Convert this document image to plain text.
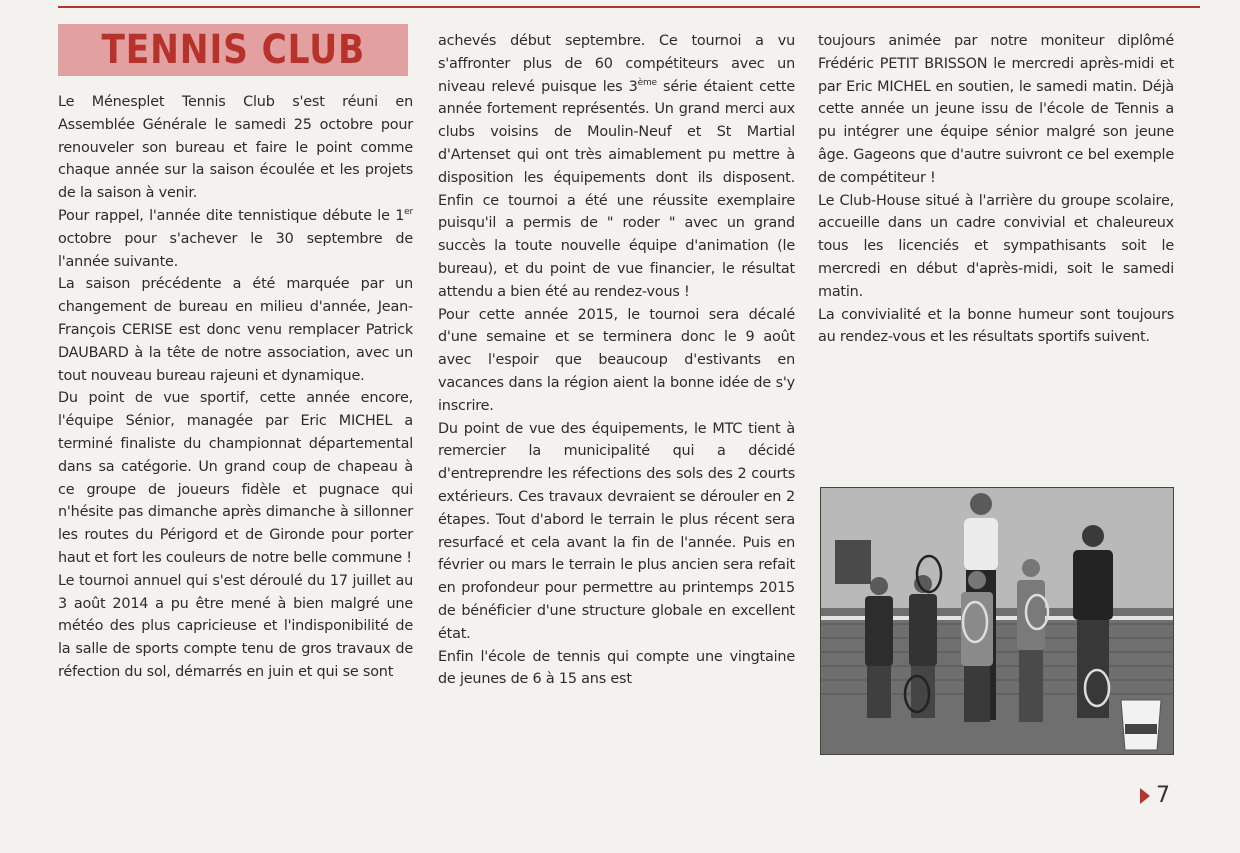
TENNIS CLUB

Le Ménesplet Tennis Club s'est réuni en Assemblée Générale le samedi 25 octobre pour renouveler son bureau et faire le point comme chaque année sur la saison écoulée et les projets de la saison à venir.

Pour rappel, l'année dite tennistique débute le 1er octobre pour s'achever le 30 septembre de l'année suivante.

La saison précédente a été marquée par un changement de bureau en milieu d'année, Jean-François CERISE est donc venu remplacer Patrick DAUBARD à la tête de notre association, avec un tout nouveau bureau rajeuni et dynamique.

Du point de vue sportif, cette année encore, l'équipe Sénior, managée par Eric MICHEL a terminé finaliste du championnat départemental dans sa catégorie. Un grand coup de chapeau à ce groupe de joueurs fidèle et pugnace qui n'hésite pas dimanche après dimanche à sillonner les routes du Périgord et de Gironde pour porter haut et fort les couleurs de notre belle commune !

Le tournoi annuel qui s'est déroulé du 17 juillet au 3 août 2014 a pu être mené à bien malgré une météo des plus capricieuse et l'indisponibilité de la salle de sports compte tenu de gros travaux de réfection du sol, démarrés en juin et qui se sont

achevés début septembre. Ce tournoi a vu s'affronter plus de 60 compétiteurs avec un niveau relevé puisque les 3ème série étaient cette année fortement représentés. Un grand merci aux clubs voisins de Moulin-Neuf et St Martial d'Artenset qui ont très aimablement pu mettre à disposition les équipements dont ils disposent. Enfin ce tournoi a été une réussite exemplaire puisqu'il a permis de " roder " avec un grand succès la toute nouvelle équipe d'animation (le bureau), et du point de vue financier, le résultat attendu a bien été au rendez-vous !

Pour cette année 2015, le tournoi sera décalé d'une semaine et se terminera donc le 9 août avec l'espoir que beaucoup d'estivants en vacances dans la région aient la bonne idée de s'y inscrire.

Du point de vue des équipements, le MTC tient à remercier la municipalité qui a décidé d'entreprendre les réfections des sols des 2 courts extérieurs. Ces travaux devraient se dérouler en 2 étapes. Tout d'abord le terrain le plus récent sera resurfacé et cela avant la fin de l'année. Puis en février ou mars le terrain le plus ancien sera refait en profondeur pour permettre au printemps 2015 de bénéficier d'une structure globale en excellent état.

Enfin l'école de tennis qui compte une vingtaine de jeunes de 6 à 15 ans est

toujours animée par notre moniteur diplômé Frédéric PETIT BRISSON le mercredi après-midi et par Eric MICHEL en soutien, le samedi matin. Déjà cette année un jeune issu de l'école de Tennis a pu intégrer une équipe sénior malgré son jeune âge. Gageons que d'autre suivront ce bel exemple de compétiteur !

Le Club-House situé à l'arrière du groupe scolaire, accueille dans un cadre convivial et chaleureux tous les licenciés et sympathisants soit le mercredi en début d'après-midi, soit le samedi matin.

La convivialité et la bonne humeur sont toujours au rendez-vous et les résultats sportifs suivent.

7
